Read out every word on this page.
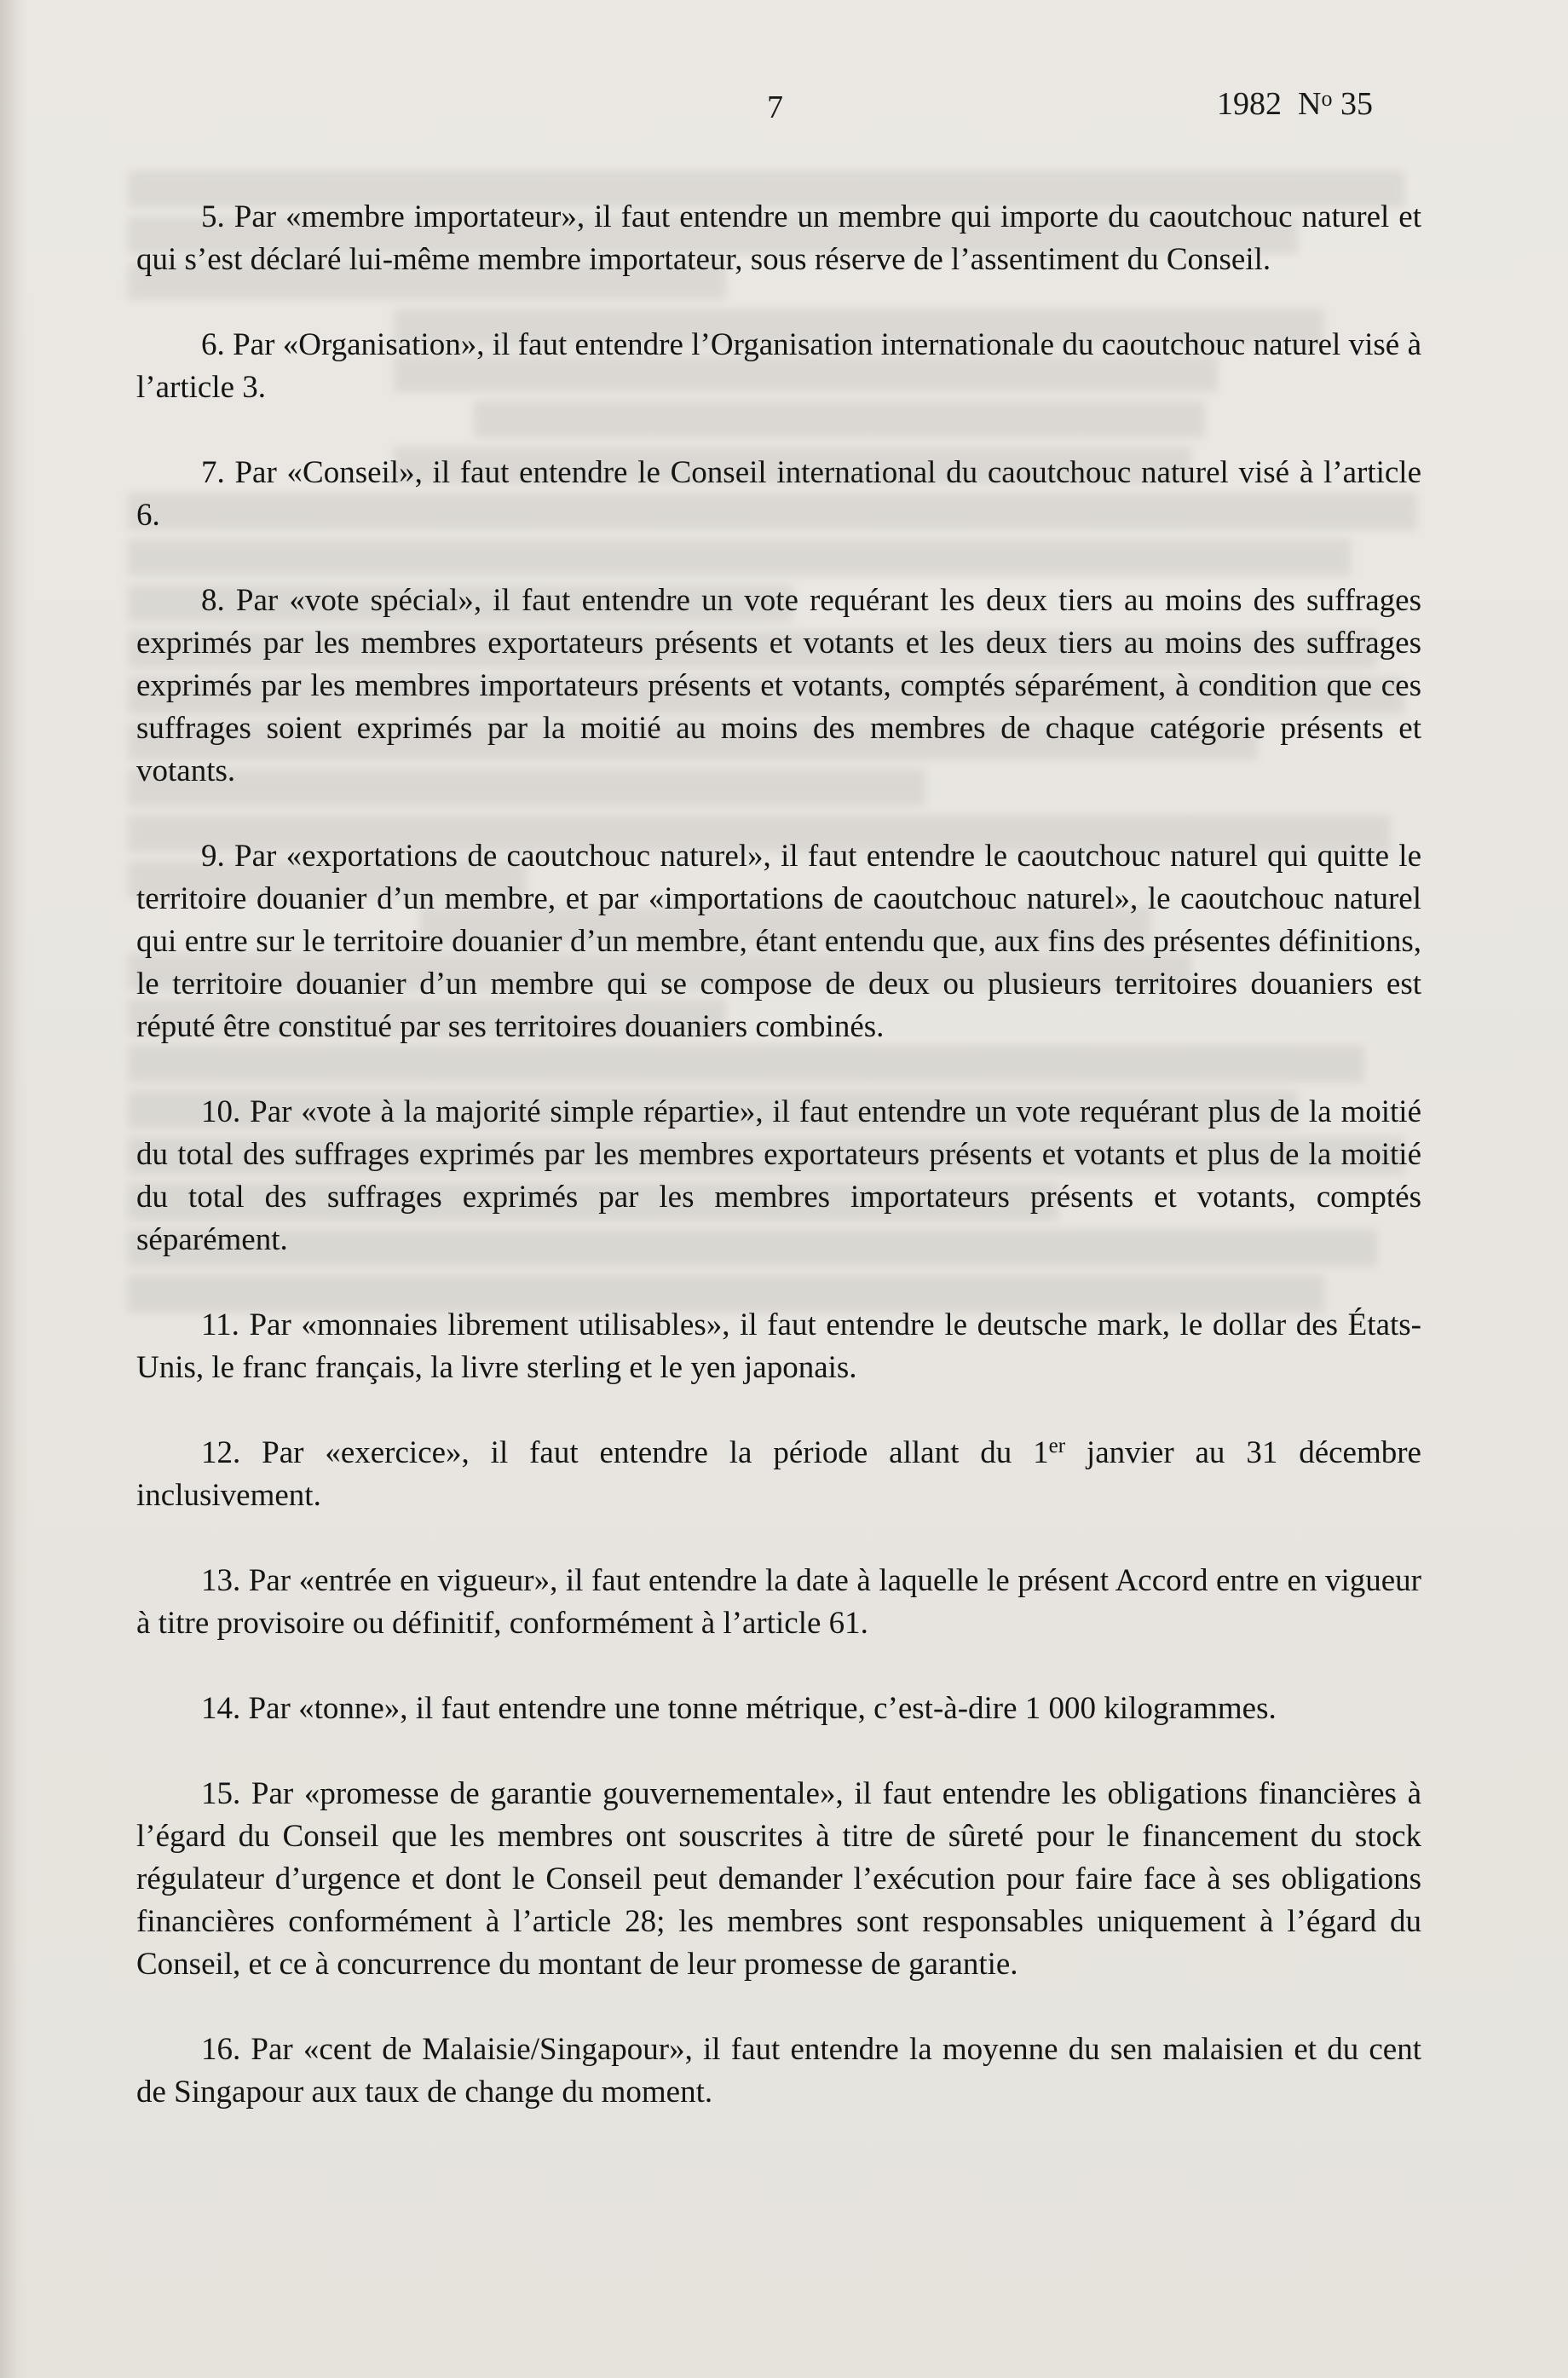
7	1982 $N^o$ 35

5. Par «membre importateur», il faut entendre un membre qui importe du caoutchouc naturel et qui s’est déclaré lui-même membre importateur, sous réserve de l’assentiment du Conseil.

6. Par «Organisation», il faut entendre l’Organisation internationale du caoutchouc naturel visé à l’article 3.

7. Par «Conseil», il faut entendre le Conseil international du caoutchouc naturel visé à l’article 6.

8. Par «vote spécial», il faut entendre un vote requérant les deux tiers au moins des suffrages exprimés par les membres exportateurs présents et votants et les deux tiers au moins des suffrages exprimés par les membres importateurs présents et votants, comptés séparément, à condition que ces suffrages soient exprimés par la moitié au moins des membres de chaque catégorie présents et votants.

9. Par «exportations de caoutchouc naturel», il faut entendre le caoutchouc naturel qui quitte le territoire douanier d’un membre, et par «importations de caoutchouc naturel», le caoutchouc naturel qui entre sur le territoire douanier d’un membre, étant entendu que, aux fins des présentes définitions, le territoire douanier d’un membre qui se compose de deux ou plusieurs territoires douaniers est réputé être constitué par ses territoires douaniers combinés.

10. Par «vote à la majorité simple répartie», il faut entendre un vote requérant plus de la moitié du total des suffrages exprimés par les membres exportateurs présents et votants et plus de la moitié du total des suffrages exprimés par les membres importateurs présents et votants, comptés séparément.

11. Par «monnaies librement utilisables», il faut entendre le deutsche mark, le dollar des États-Unis, le franc français, la livre sterling et le yen japonais.

12. Par «exercice», il faut entendre la période allant du 1er janvier au 31 décembre inclusivement.

13. Par «entrée en vigueur», il faut entendre la date à laquelle le présent Accord entre en vigueur à titre provisoire ou définitif, conformément à l’article 61.

14. Par «tonne», il faut entendre une tonne métrique, c’est-à-dire 1 000 kilogrammes.

15. Par «promesse de garantie gouvernementale», il faut entendre les obligations financières à l’égard du Conseil que les membres ont souscrites à titre de sûreté pour le financement du stock régulateur d’urgence et dont le Conseil peut demander l’exécution pour faire face à ses obligations financières conformément à l’article 28; les membres sont responsables uniquement à l’égard du Conseil, et ce à concurrence du montant de leur promesse de garantie.

16. Par «cent de Malaisie/Singapour», il faut entendre la moyenne du sen malaisien et du cent de Singapour aux taux de change du moment.
